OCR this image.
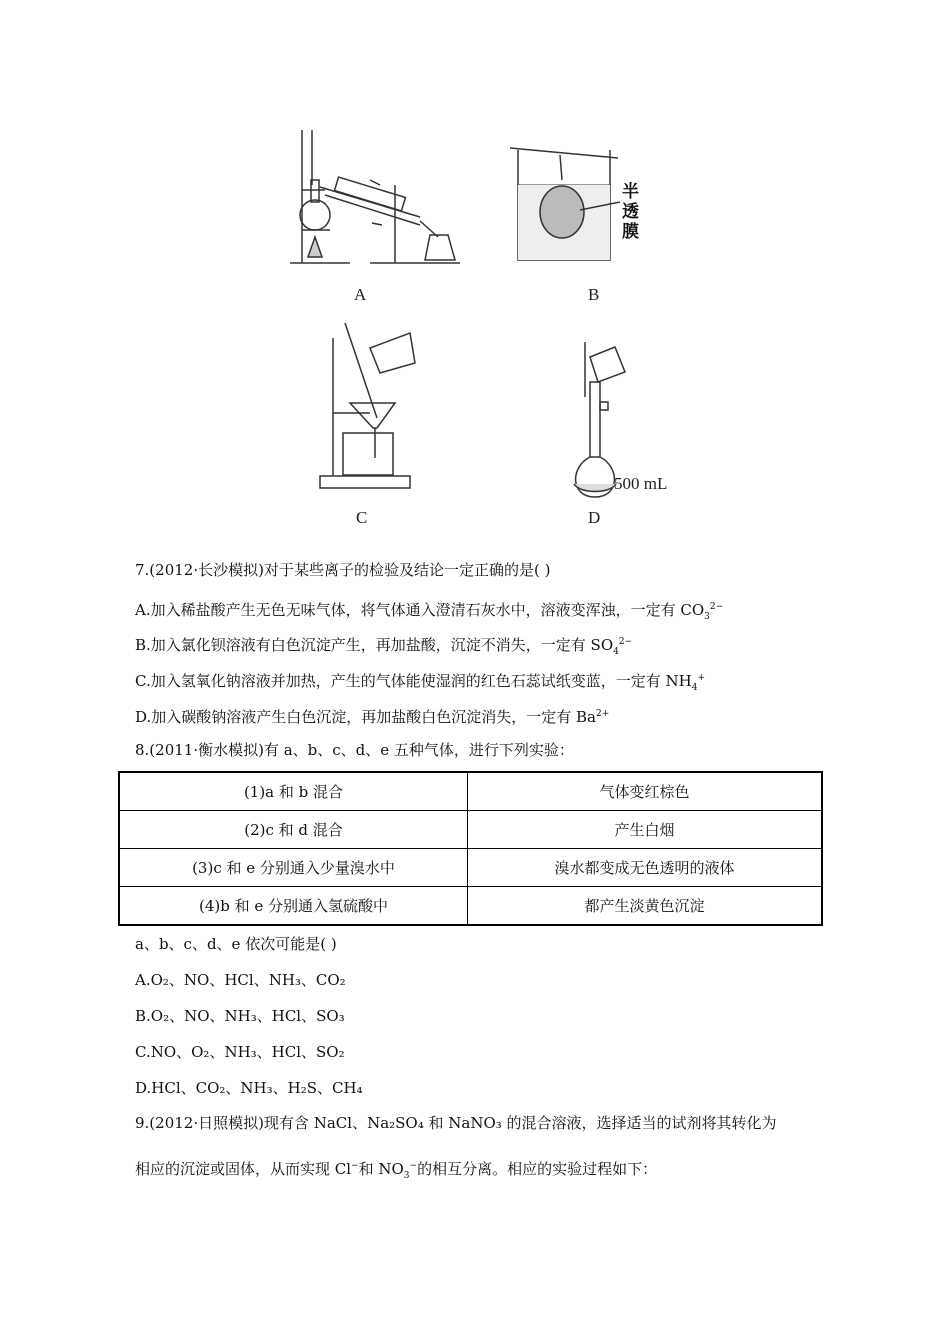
A
半
透
膜
B
C
500 mL
D
7.(2012·长沙模拟)对于某些离子的检验及结论一定正确的是( )
A.加入稀盐酸产生无色无味气体，将气体通入澄清石灰水中，溶液变浑浊，一定有 $CO_3^{2-}$
B.加入氯化钡溶液有白色沉淀产生，再加盐酸，沉淀不消失，一定有 $SO_4^{2-}$
C.加入氢氧化钠溶液并加热，产生的气体能使湿润的红色石蕊试纸变蓝，一定有 $NH_4^+$
D.加入碳酸钠溶液产生白色沉淀，再加盐酸白色沉淀消失，一定有 $Ba^{2+}$
8.(2011·衡水模拟)有 a、b、c、d、e 五种气体，进行下列实验：
(1)a 和 b 混合	气体变红棕色
(2)c 和 d 混合	产生白烟
(3)c 和 e 分别通入少量溴水中	溴水都变成无色透明的液体
(4)b 和 e 分别通入氢硫酸中	都产生淡黄色沉淀
a、b、c、d、e 依次可能是( )
A.O₂、NO、HCl、NH₃、CO₂
B.O₂、NO、NH₃、HCl、SO₃
C.NO、O₂、NH₃、HCl、SO₂
D.HCl、CO₂、NH₃、H₂S、CH₄
9.(2012·日照模拟)现有含 NaCl、Na₂SO₄ 和 NaNO₃ 的混合溶液，选择适当的试剂将其转化为
相应的沉淀或固体，从而实现 Cl−和 $NO_3^-$的相互分离。相应的实验过程如下：
